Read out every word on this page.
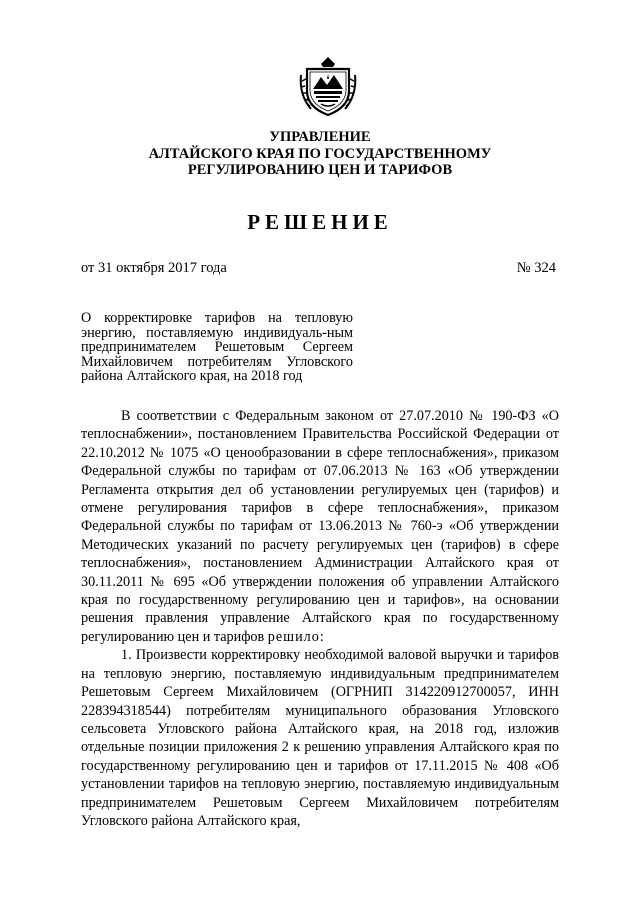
УПРАВЛЕНИЕ
АЛТАЙСКОГО КРАЯ ПО ГОСУДАРСТВЕННОМУ
РЕГУЛИРОВАНИЮ ЦЕН И ТАРИФОВ
РЕШЕНИЕ
от 31 октября 2017 года	№ 324
О корректировке тарифов на тепловую энергию, поставляемую индивидуаль-ным предпринимателем Решетовым Сергеем Михайловичем потребителям Угловского района Алтайского края, на 2018 год

В соответствии с Федеральным законом от 27.07.2010 № 190-ФЗ «О теплоснабжении», постановлением Правительства Российской Федерации от 22.10.2012 № 1075 «О ценообразовании в сфере теплоснабжения», приказом Федеральной службы по тарифам от 07.06.2013 № 163 «Об утверждении Регламента открытия дел об установлении регулируемых цен (тарифов) и отмене регулирования тарифов в сфере теплоснабжения», приказом Федеральной службы по тарифам от 13.06.2013 № 760-э «Об утверждении Методических указаний по расчету регулируемых цен (тарифов) в сфере теплоснабжения», постановлением Администрации Алтайского края от 30.11.2011 № 695 «Об утверждении положения об управлении Алтайского края по государственному регулированию цен и тарифов», на основании решения правления управление Алтайского края по государственному регулированию цен и тарифов решило:

1. Произвести корректировку необходимой валовой выручки и тарифов на тепловую энергию, поставляемую индивидуальным предпринимателем Решетовым Сергеем Михайловичем (ОГРНИП 314220912700057, ИНН 228394318544) потребителям муниципального образования Угловского сельсовета Угловского района Алтайского края, на 2018 год, изложив отдельные позиции приложения 2 к решению управления Алтайского края по государственному регулированию цен и тарифов от 17.11.2015 № 408 «Об установлении тарифов на тепловую энергию, поставляемую индивидуальным предпринимателем Решетовым Сергеем Михайловичем потребителям Угловского района Алтайского края,
